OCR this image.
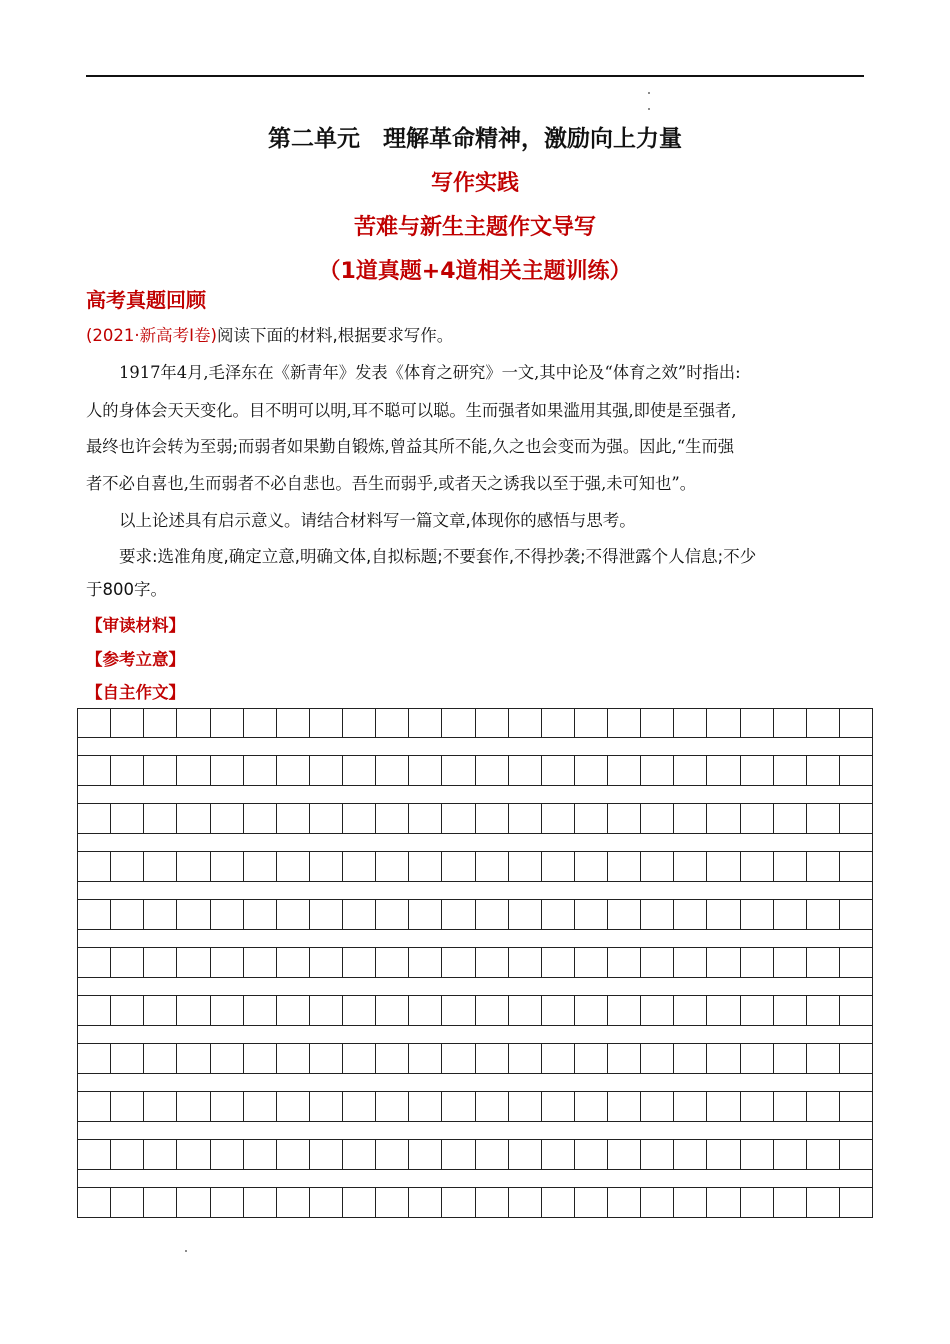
第二单元　理解革命精神，激励向上力量
写作实践
苦难与新生主题作文导写
（1道真题+4道相关主题训练）
高考真题回顾
(2021·新高考Ⅰ卷)阅读下面的材料,根据要求写作。
1917年4月,毛泽东在《新青年》发表《体育之研究》一文,其中论及“体育之效”时指出:
人的身体会天天变化。目不明可以明,耳不聪可以聪。生而强者如果滥用其强,即使是至强者,
最终也许会转为至弱;而弱者如果勤自锻炼,曾益其所不能,久之也会变而为强。因此,“生而强
者不必自喜也,生而弱者不必自悲也。吾生而弱乎,或者天之诱我以至于强,未可知也”。
以上论述具有启示意义。请结合材料写一篇文章,体现你的感悟与思考。
要求:选准角度,确定立意,明确文体,自拟标题;不要套作,不得抄袭;不得泄露个人信息;不少
于800字。
【审读材料】
【参考立意】
【自主作文】
